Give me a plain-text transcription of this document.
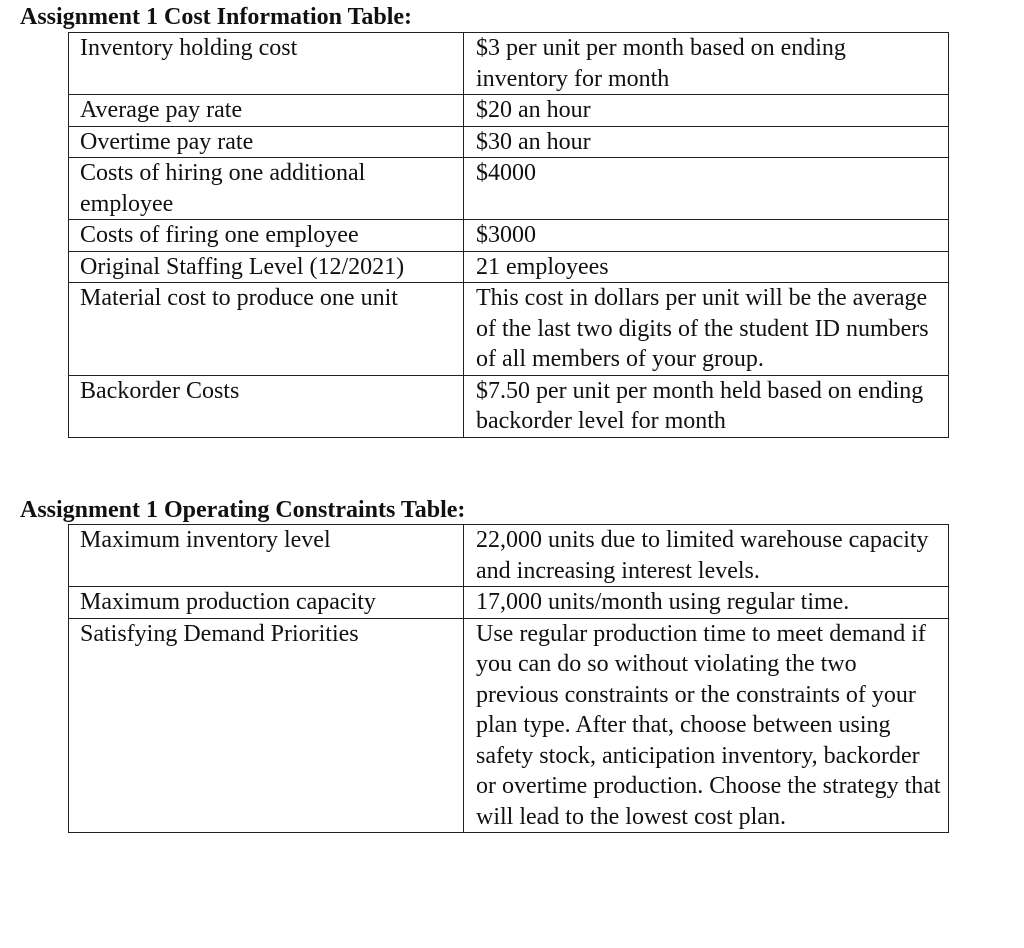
Assignment 1 Cost Information Table:
Inventory holding cost	$3 per unit per month based on ending inventory for month
Average pay rate	$20 an hour
Overtime pay rate	$30 an hour
Costs of hiring one additional employee	$4000
Costs of firing one employee	$3000
Original Staffing Level (12/2021)	21 employees
Material cost to produce one unit	This cost in dollars per unit will be the average of the last two digits of the student ID numbers of all members of your group.
Backorder Costs	$7.50 per unit per month held based on ending backorder level for month
Assignment 1 Operating Constraints Table:
Maximum inventory level	22,000 units due to limited warehouse capacity and increasing interest levels.
Maximum production capacity	17,000 units/month using regular time.
Satisfying Demand Priorities	Use regular production time to meet demand if you can do so without violating the two previous constraints or the constraints of your plan type. After that, choose between using safety stock, anticipation inventory, backorder or overtime production. Choose the strategy that will lead to the lowest cost plan.
